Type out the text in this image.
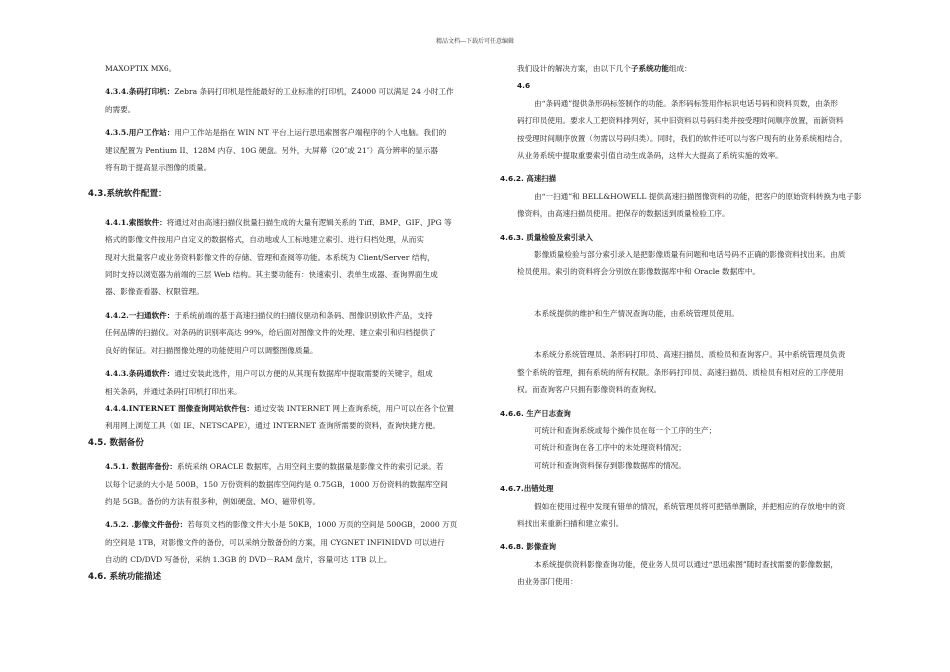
精品文档---下载后可任意编辑

MAXOPTIX MX6。

4.3.4.条码打印机：Zebra 条码打印机是性能最好的工业标准的打印机，Z4000 可以满足 24 小时工作

的需要。

4.3.5.用户工作站：用户工作站是指在 WIN NT 平台上运行思迅索图客户端程序的个人电脑。我们的

建议配置为 Pentium II、128M 内存、10G 硬盘。另外，大屏幕（20″或 21″）高分辨率的显示器

将有助于提高显示图像的质量。

4.3.系统软件配置：

4.4.1.索图软件：将通过对由高速扫描仪批量扫描生成的大量有逻辑关系的 Tiff、BMP、GIF、JPG 等

格式的影像文件按用户自定义的数据格式，自动地或人工标地建立索引、进行归档处理，从而实

现对大批量客户或业务资料影像文件的存储、管理和查阅等功能。本系统为 Client/Server 结构，

同时支持以浏览器为前端的三层 Web 结构。其主要功能有：快速索引、表单生成器、查询界面生成

器、影像查看器、权限管理。

4.4.2.一扫通软件：于系统前端的基于高速扫描仪的扫描仪驱动和条码、图像识别软件产品，支持

任何品牌的扫描仪。对条码的识别率高达 99%，给后面对图像文件的处理、建立索引和归档提供了

良好的保证。对扫描图像处理的功能使用户可以调整图像质量。

4.4.3.条码通软件：通过安装此选件，用户可以方便的从其现有数据库中提取需要的关键字，组成

相关条码，并通过条码打印机打印出来。

4.4.4.INTERNET 图像查询网站软件包：通过安装 INTERNET 网上查询系统，用户可以在各个位置

利用网上浏览工具（如 IE、NETSCAPE），通过 INTERNET 查询所需要的资料，查询快捷方便。

4.5. 数据备份

4.5.1. 数据库备份：系统采纳 ORACLE 数据库，占用空间主要的数据量是影像文件的索引记录。若

以每个记录的大小是 500B，150 万份资料的数据库空间约是 0.75GB，1000 万份资料的数据库空间

约是 5GB。备份的方法有很多种，例如硬盘、MO、磁带机等。

4.5.2. .影像文件备份：若每页文档的影像文件大小是 50KB，1000 万页的空间是 500GB，2000 万页

的空间是 1TB，对影像文件的备份，可以采纳分散备份的方案，用 CYGNET INFINIDVD 可以进行

自动的 CD/DVD 写备份，采纳 1.3GB 的 DVD－RAM 盘片，容量可达 1TB 以上。

4.6. 系统功能描述

我们设计的解决方案，由以下几个子系统功能组成：

4.6

由“条码通”提供条形码标签制作的功能。条形码标签用作标识电话号码和资料页数，由条形

码打印员使用。要求人工把资料排列好，其中旧资料以号码归类并按受理时间顺序放置，而新资料

按受理时间顺序放置（勿需以号码归类）。同时，我们的软件还可以与客户现有的业务系统相结合，

从业务系统中提取重要索引值自动生成条码，这样大大提高了系统实施的效率。

4.6.2. 高速扫描

由“一扫通”和 BELL&HOWELL 提供高速扫描图像资料的功能，把客户的原始资料转换为电子影

像资料，由高速扫描员使用。把保存的数据送到质量检验工序。

4.6.3. 质量检验及索引录入

影像质量检验与部分索引录入是把影像质量有问题和电话号码不正确的影像资料找出来。由质

检员使用。索引的资料将会分别放在影像数据库中和 Oracle 数据库中。

本系统提供的维护和生产情况查询功能，由系统管理员使用。

本系统分系统管理员、条形码打印员、高速扫描员、质检员和查询客户。其中系统管理员负责

整个系统的管理，拥有系统的所有权限。条形码打印员、高速扫描员、质检员有相对应的工序使用

权。而查询客户只拥有影像资料的查询权。

4.6.6. 生产日志查询

可统计和查询系统或每个操作员在每一个工序的生产；

可统计和查询在各工序中的未处理资料情况；

可统计和查询资料保存到影像数据库的情况。

4.6.7.出错处理

假如在使用过程中发现有错单的情况，系统管理员将可把错单删除，并把相应的存放地中的资

料找出来重新扫描和建立索引。

4.6.8. 影像查询

本系统提供资料影像查询功能，使业务人员可以通过“思迅索图”随时查找需要的影像数据，

由业务部门使用：
